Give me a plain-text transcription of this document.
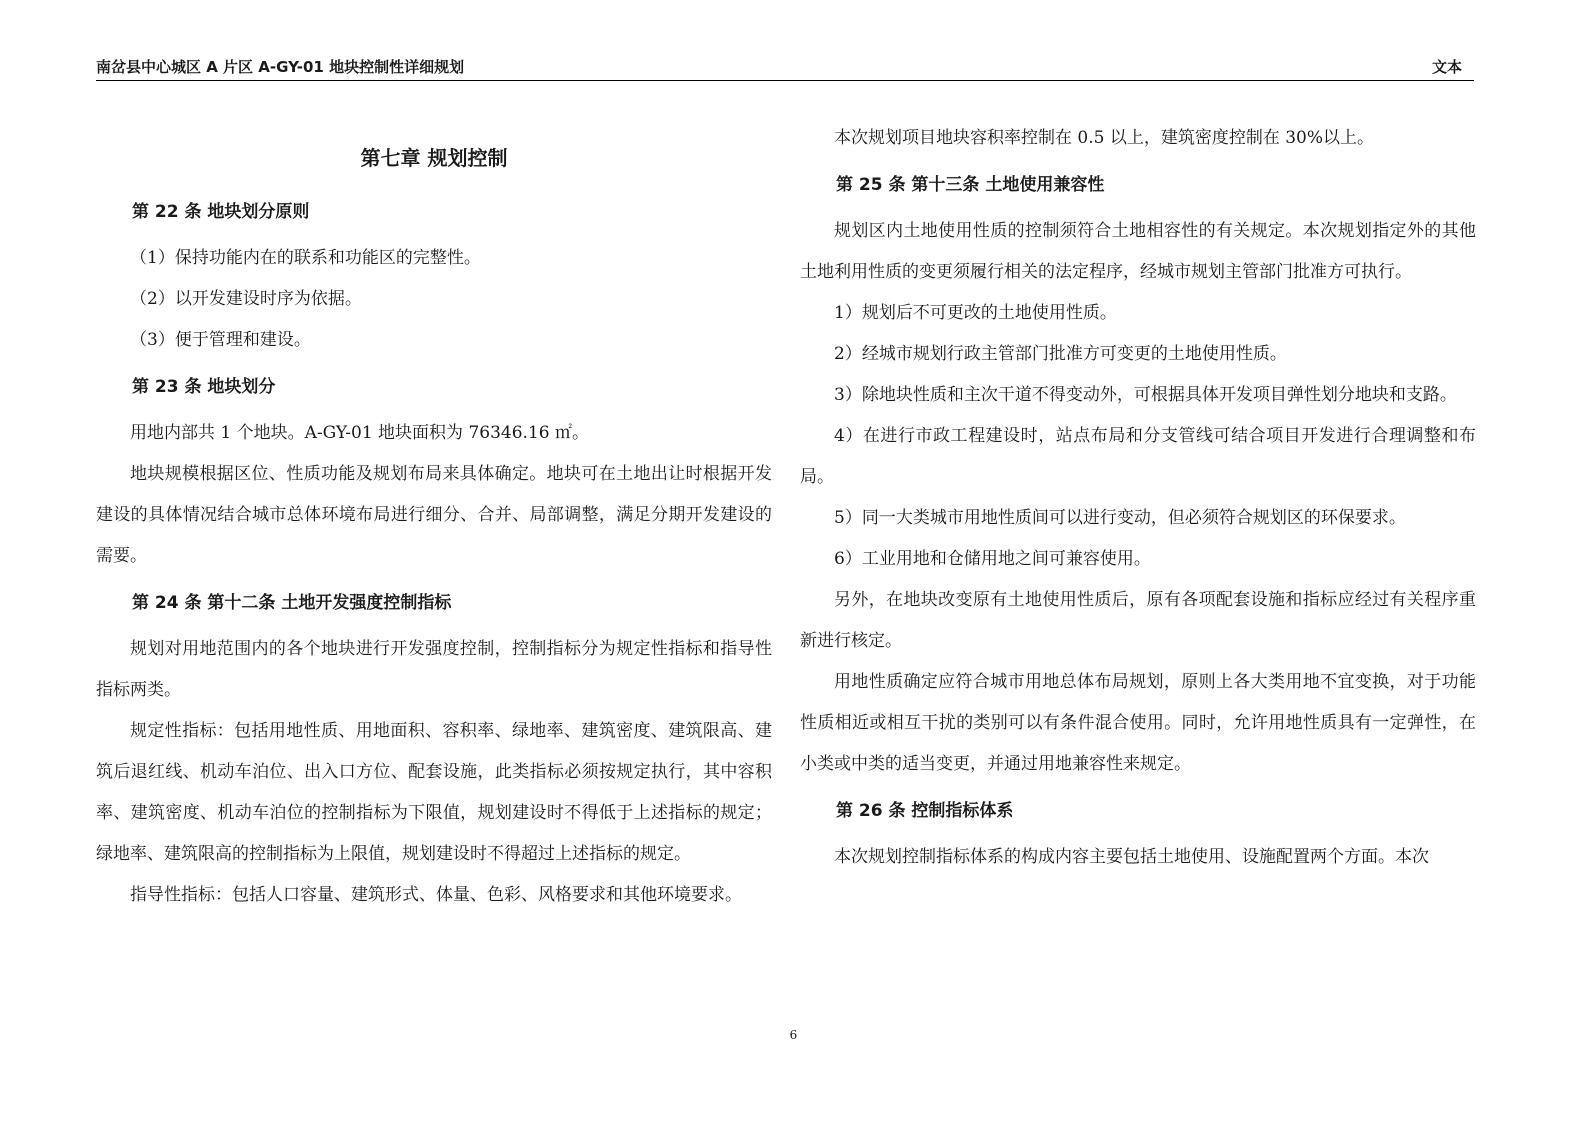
南岔县中心城区 A 片区 A-GY-01 地块控制性详细规划	文本
第七章 规划控制
第 22 条 地块划分原则

（1）保持功能内在的联系和功能区的完整性。

（2）以开发建设时序为依据。

（3）便于管理和建设。

第 23 条 地块划分

用地内部共 1 个地块。A-GY-01 地块面积为 76346.16 ㎡。

地块规模根据区位、性质功能及规划布局来具体确定。地块可在土地出让时根据开发建设的具体情况结合城市总体环境布局进行细分、合并、局部调整，满足分期开发建设的需要。

第 24 条 第十二条 土地开发强度控制指标

规划对用地范围内的各个地块进行开发强度控制，控制指标分为规定性指标和指导性指标两类。

规定性指标：包括用地性质、用地面积、容积率、绿地率、建筑密度、建筑限高、建筑后退红线、机动车泊位、出入口方位、配套设施，此类指标必须按规定执行，其中容积率、建筑密度、机动车泊位的控制指标为下限值，规划建设时不得低于上述指标的规定；绿地率、建筑限高的控制指标为上限值，规划建设时不得超过上述指标的规定。

指导性指标：包括人口容量、建筑形式、体量、色彩、风格要求和其他环境要求。

本次规划项目地块容积率控制在 0.5 以上，建筑密度控制在 30%以上。

第 25 条 第十三条 土地使用兼容性

规划区内土地使用性质的控制须符合土地相容性的有关规定。本次规划指定外的其他土地利用性质的变更须履行相关的法定程序，经城市规划主管部门批准方可执行。

1）规划后不可更改的土地使用性质。

2）经城市规划行政主管部门批准方可变更的土地使用性质。

3）除地块性质和主次干道不得变动外，可根据具体开发项目弹性划分地块和支路。

4）在进行市政工程建设时，站点布局和分支管线可结合项目开发进行合理调整和布局。

5）同一大类城市用地性质间可以进行变动，但必须符合规划区的环保要求。

6）工业用地和仓储用地之间可兼容使用。

另外，在地块改变原有土地使用性质后，原有各项配套设施和指标应经过有关程序重新进行核定。

用地性质确定应符合城市用地总体布局规划，原则上各大类用地不宜变换，对于功能性质相近或相互干扰的类别可以有条件混合使用。同时，允许用地性质具有一定弹性，在小类或中类的适当变更，并通过用地兼容性来规定。

第 26 条 控制指标体系

本次规划控制指标体系的构成内容主要包括土地使用、设施配置两个方面。本次

6
